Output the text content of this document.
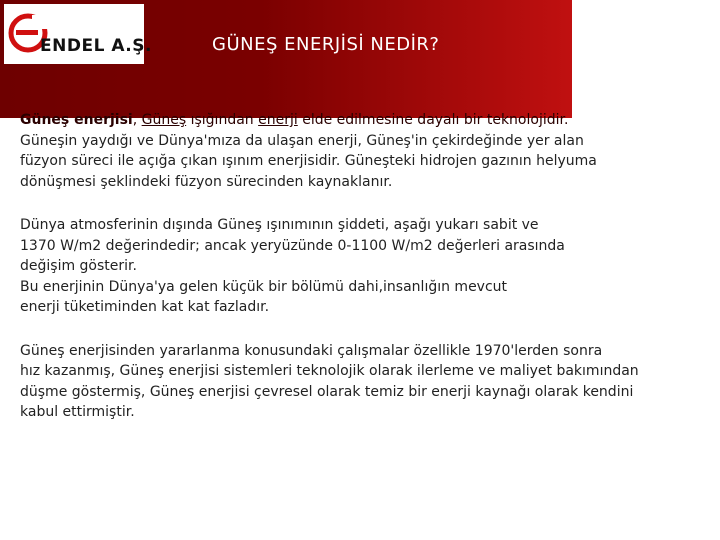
ENDEL A.Ş.	GÜNEŞ ENERJİSİ NEDİR?

Güneş enerjisi, Güneş ışığından enerji elde edilmesine dayalı bir teknolojidir.
Güneşin yaydığı ve Dünya'mıza da ulaşan enerji, Güneş'in çekirdeğinde yer alan
füzyon süreci ile açığa çıkan ışınım enerjisidir. Güneşteki hidrojen gazının helyuma
dönüşmesi şeklindeki füzyon sürecinden kaynaklanır.

Dünya atmosferinin dışında Güneş ışınımının şiddeti, aşağı yukarı sabit ve
1370 W/m2 değerindedir; ancak yeryüzünde 0-1100 W/m2 değerleri arasında
değişim gösterir.
Bu enerjinin Dünya'ya gelen küçük bir bölümü dahi,insanlığın mevcut
enerji tüketiminden kat kat fazladır.

Güneş enerjisinden yararlanma konusundaki çalışmalar özellikle 1970'lerden sonra
hız kazanmış, Güneş enerjisi sistemleri teknolojik olarak ilerleme ve maliyet bakımından
düşme göstermiş, Güneş enerjisi çevresel olarak temiz bir enerji kaynağı olarak kendini
kabul ettirmiştir.
